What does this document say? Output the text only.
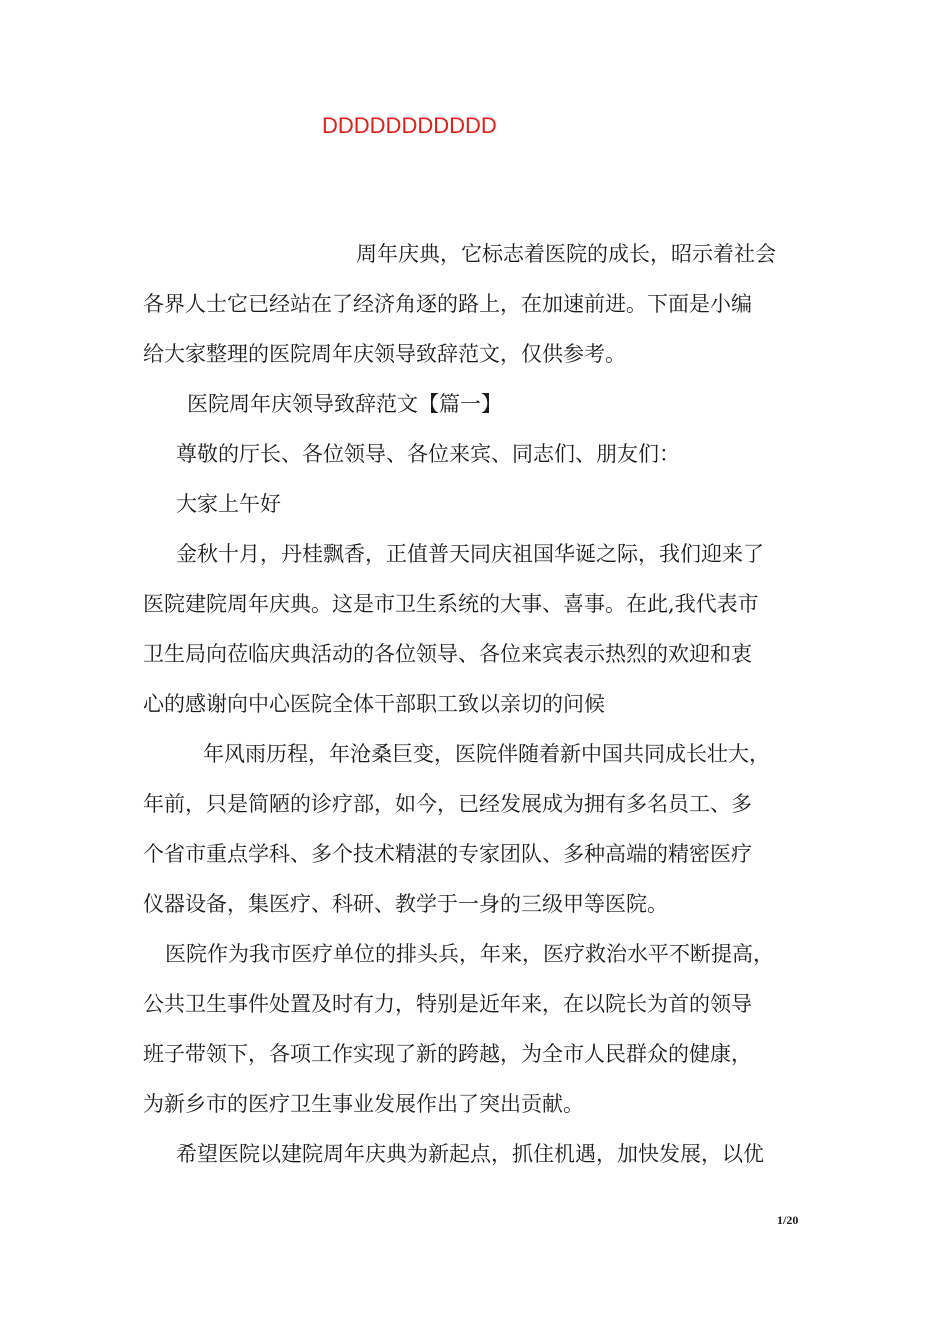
DDDDDDDDDDD
周年庆典，它标志着医院的成长，昭示着社会
各界人士它已经站在了经济角逐的路上，在加速前进。下面是小编
给大家整理的医院周年庆领导致辞范文，仅供参考。
医院周年庆领导致辞范文【篇一】
尊敬的厅长、各位领导、各位来宾、同志们、朋友们：
大家上午好
金秋十月，丹桂飘香，正值普天同庆祖国华诞之际，我们迎来了
医院建院周年庆典。这是市卫生系统的大事、喜事。在此,我代表市
卫生局向莅临庆典活动的各位领导、各位来宾表示热烈的欢迎和衷
心的感谢向中心医院全体干部职工致以亲切的问候
年风雨历程，年沧桑巨变，医院伴随着新中国共同成长壮大，
年前，只是简陋的诊疗部，如今，已经发展成为拥有多名员工、多
个省市重点学科、多个技术精湛的专家团队、多种高端的精密医疗
仪器设备，集医疗、科研、教学于一身的三级甲等医院。
医院作为我市医疗单位的排头兵，年来，医疗救治水平不断提高，
公共卫生事件处置及时有力，特别是近年来，在以院长为首的领导
班子带领下，各项工作实现了新的跨越，为全市人民群众的健康，
为新乡市的医疗卫生事业发展作出了突出贡献。
希望医院以建院周年庆典为新起点，抓住机遇，加快发展，以优
1/20
